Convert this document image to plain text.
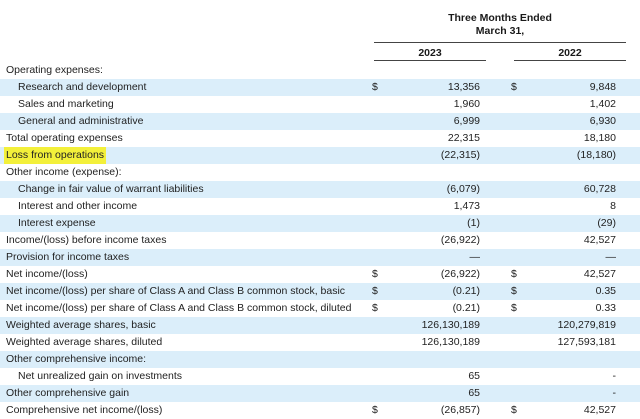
Three Months Ended
March 31,
2023	2022
Operating expenses:
Research and development	$	13,356	$	9,848
Sales and marketing	1,960	1,402
General and administrative	6,999	6,930
Total operating expenses	22,315	18,180
Loss from operations	(22,315)	(18,180)
Other income (expense):
Change in fair value of warrant liabilities	(6,079)	60,728
Interest and other income	1,473	8
Interest expense	(1)	(29)
Income/(loss) before income taxes	(26,922)	42,527
Provision for income taxes	—	—
Net income/(loss)	$	(26,922)	$	42,527
Net income/(loss) per share of Class A and Class B common stock, basic	$	(0.21)	$	0.35
Net income/(loss) per share of Class A and Class B common stock, diluted $	(0.21)	$	0.33
Weighted average shares, basic	126,130,189	120,279,819
Weighted average shares, diluted	126,130,189	127,593,181
Other comprehensive income:
Net unrealized gain on investments	65	-
Other comprehensive gain	65	-
Comprehensive net income/(loss)	$	(26,857)	$	42,527
